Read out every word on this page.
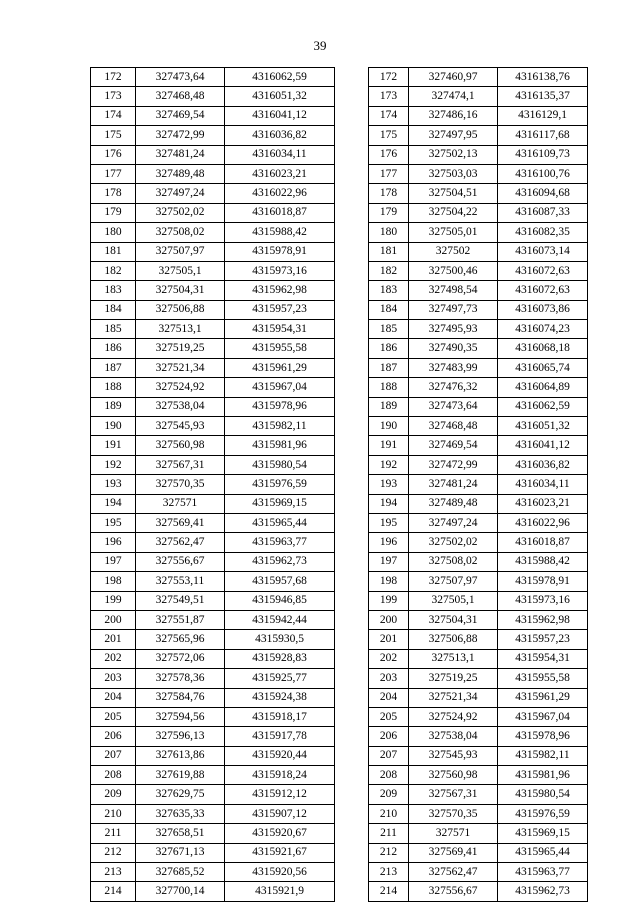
39
172	327473,64	4316062,59
173	327468,48	4316051,32
174	327469,54	4316041,12
175	327472,99	4316036,82
176	327481,24	4316034,11
177	327489,48	4316023,21
178	327497,24	4316022,96
179	327502,02	4316018,87
180	327508,02	4315988,42
181	327507,97	4315978,91
182	327505,1	4315973,16
183	327504,31	4315962,98
184	327506,88	4315957,23
185	327513,1	4315954,31
186	327519,25	4315955,58
187	327521,34	4315961,29
188	327524,92	4315967,04
189	327538,04	4315978,96
190	327545,93	4315982,11
191	327560,98	4315981,96
192	327567,31	4315980,54
193	327570,35	4315976,59
194	327571	4315969,15
195	327569,41	4315965,44
196	327562,47	4315963,77
197	327556,67	4315962,73
198	327553,11	4315957,68
199	327549,51	4315946,85
200	327551,87	4315942,44
201	327565,96	4315930,5
202	327572,06	4315928,83
203	327578,36	4315925,77
204	327584,76	4315924,38
205	327594,56	4315918,17
206	327596,13	4315917,78
207	327613,86	4315920,44
208	327619,88	4315918,24
209	327629,75	4315912,12
210	327635,33	4315907,12
211	327658,51	4315920,67
212	327671,13	4315921,67
213	327685,52	4315920,56
214	327700,14	4315921,9
172	327460,97	4316138,76
173	327474,1	4316135,37
174	327486,16	4316129,1
175	327497,95	4316117,68
176	327502,13	4316109,73
177	327503,03	4316100,76
178	327504,51	4316094,68
179	327504,22	4316087,33
180	327505,01	4316082,35
181	327502	4316073,14
182	327500,46	4316072,63
183	327498,54	4316072,63
184	327497,73	4316073,86
185	327495,93	4316074,23
186	327490,35	4316068,18
187	327483,99	4316065,74
188	327476,32	4316064,89
189	327473,64	4316062,59
190	327468,48	4316051,32
191	327469,54	4316041,12
192	327472,99	4316036,82
193	327481,24	4316034,11
194	327489,48	4316023,21
195	327497,24	4316022,96
196	327502,02	4316018,87
197	327508,02	4315988,42
198	327507,97	4315978,91
199	327505,1	4315973,16
200	327504,31	4315962,98
201	327506,88	4315957,23
202	327513,1	4315954,31
203	327519,25	4315955,58
204	327521,34	4315961,29
205	327524,92	4315967,04
206	327538,04	4315978,96
207	327545,93	4315982,11
208	327560,98	4315981,96
209	327567,31	4315980,54
210	327570,35	4315976,59
211	327571	4315969,15
212	327569,41	4315965,44
213	327562,47	4315963,77
214	327556,67	4315962,73
